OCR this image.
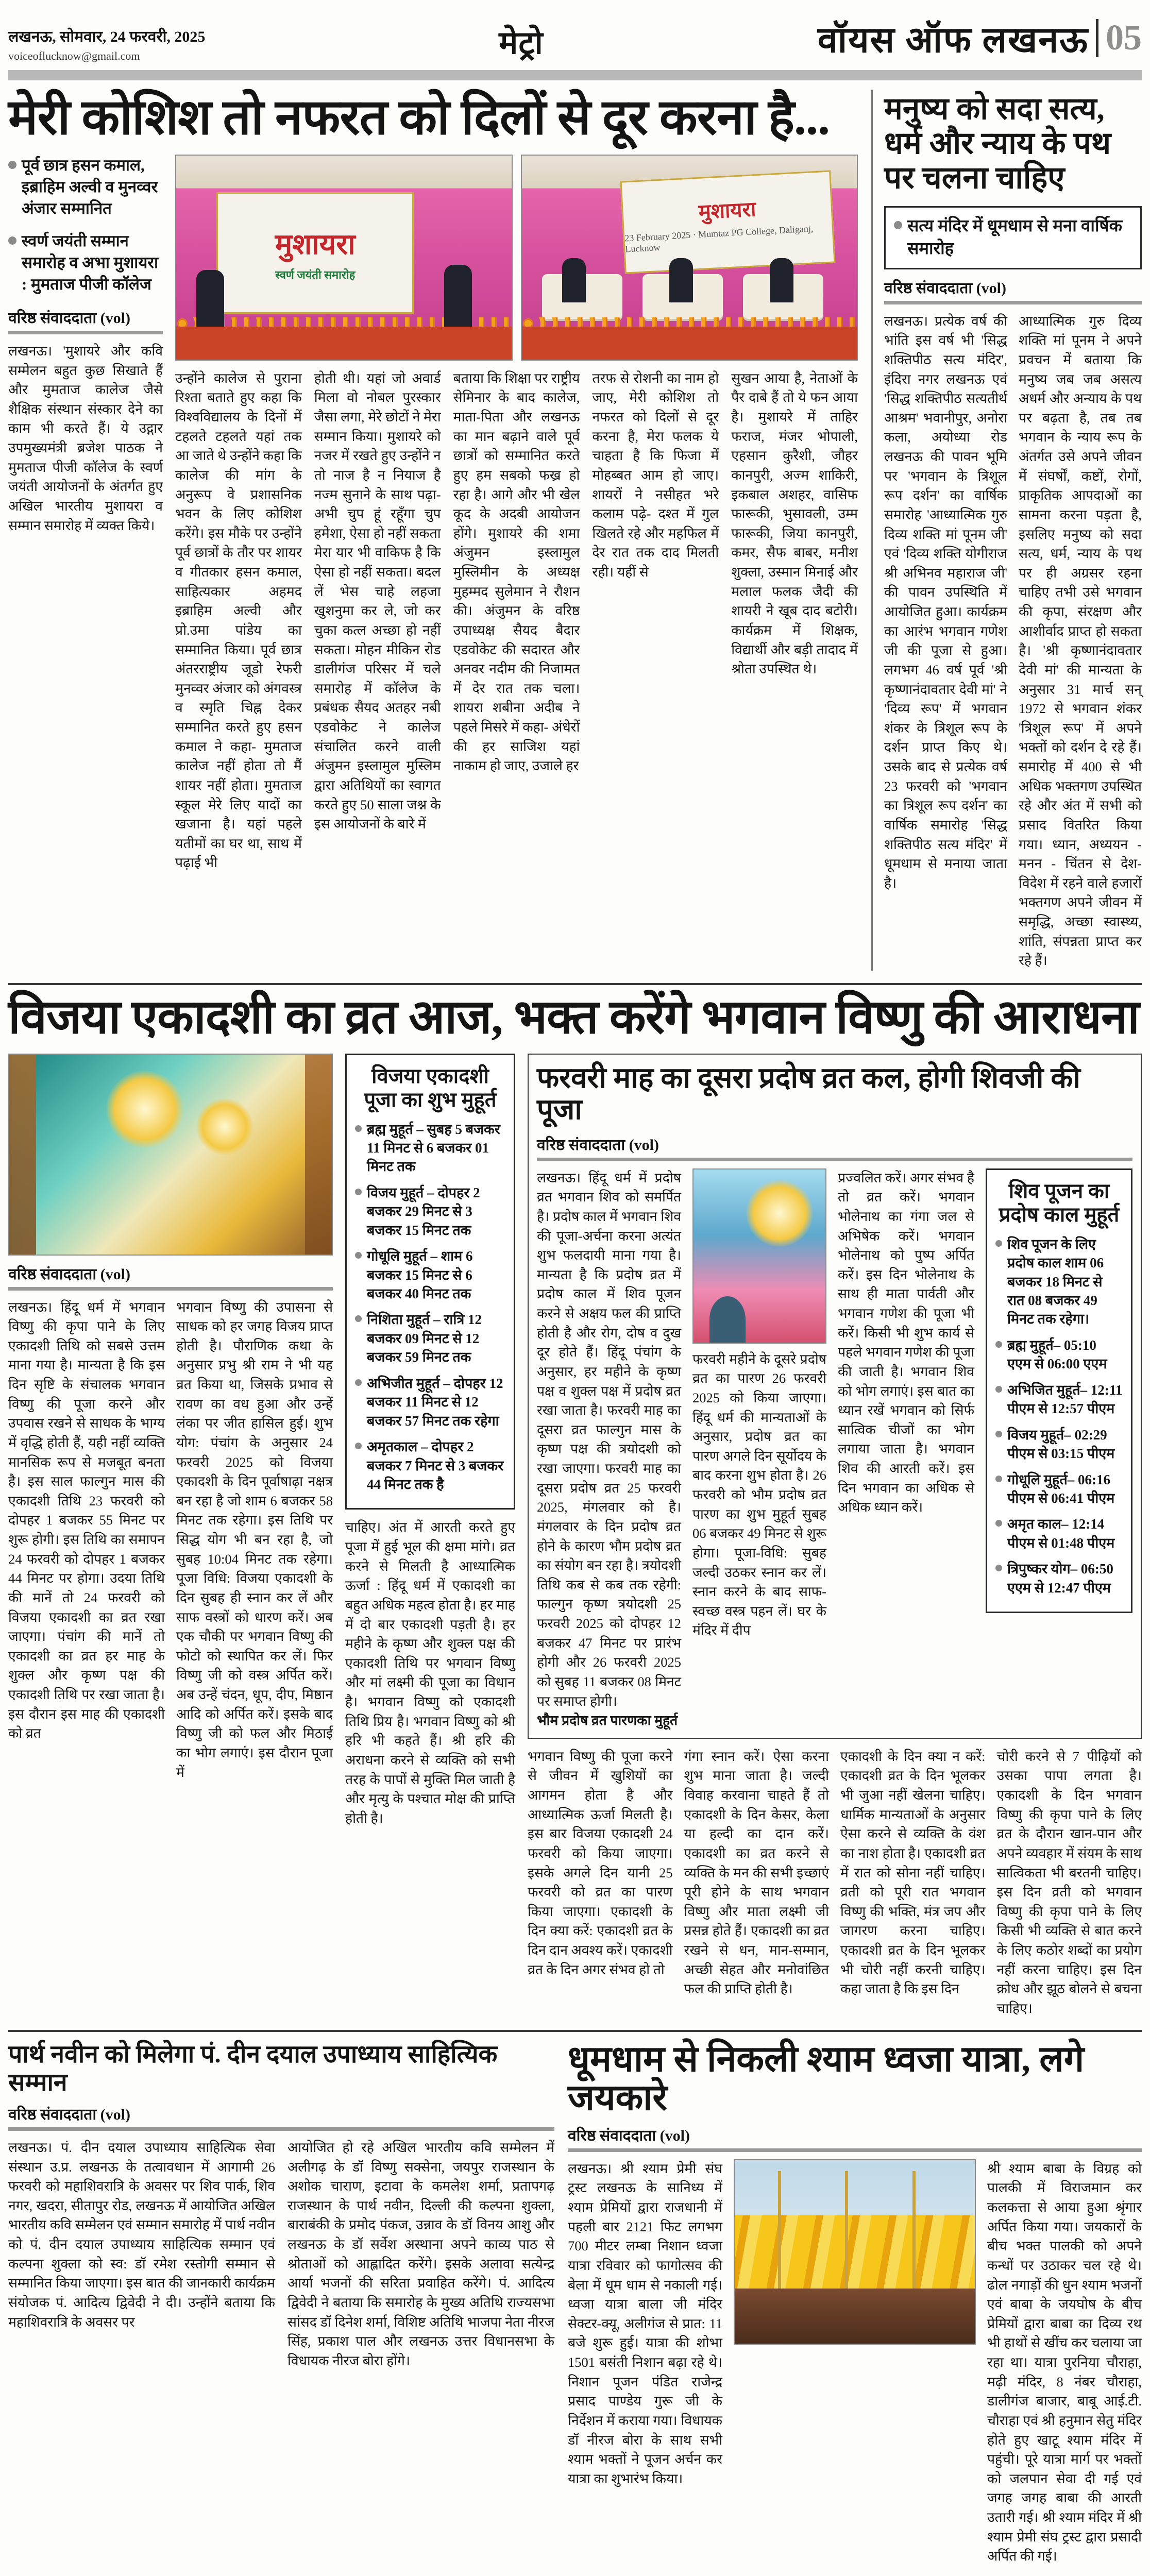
लखनऊ, सोमवार, 24 फरवरी, 2025
voiceoflucknow@gmail.com	मेट्रो	वॉयस ऑफ लखनऊ 05
मेरी कोशिश तो नफरत को दिलों से दूर करना है...
पूर्व छात्र हसन कमाल, इब्राहिम अल्वी व मुनव्वर अंजार सम्मानित
स्वर्ण जयंती सम्मान समारोह व अभा मुशायरा : मुमताज पीजी कॉलेज
वरिष्ठ संवाददाता (vol)
लखनऊ। 'मुशायरे और कवि सम्मेलन बहुत कुछ सिखाते हैं और मुमताज कालेज जैसे शैक्षिक संस्थान संस्कार देने का काम भी करते हैं। ये उद्गार उपमुख्यमंत्री ब्रजेश पाठक ने मुमताज पीजी कॉलेज के स्वर्ण जयंती आयोजनों के अंतर्गत हुए अखिल भारतीय मुशायरा व सम्मान समारोह में व्यक्त किये।
मुशायरा
स्वर्ण जयंती समारोह
मुशायरा
23 February 2025 · Mumtaz PG College, Daliganj, Lucknow
उन्होंने कालेज से पुराना रिश्ता बताते हुए कहा कि विश्वविद्यालय के दिनों में टहलते टहलते यहां तक आ जाते थे उन्होंने कहा कि कालेज की मांग के अनुरूप वे प्रशासनिक भवन के लिए कोशिश करेंगे। इस मौके पर उन्होंने पूर्व छात्रों के तौर पर शायर व गीतकार हसन कमाल, साहित्यकार अहमद इब्राहिम अल्वी और प्रो.उमा पांडेय का सम्मानित किया। पूर्व छात्र अंतरराष्ट्रीय जूडो रेफरी मुनव्वर अंजार को अंगवस्त्र व स्मृति चिह्न देकर सम्मानित करते हुए हसन कमाल ने कहा- मुमताज कालेज नहीं होता तो मैं शायर नहीं होता। मुमताज स्कूल मेरे लिए यादों का खजाना है। यहां पहले यतीमों का घर था, साथ में पढ़ाई भी
होती थी। यहां जो अवार्ड मिला वो नोबल पुरस्कार जैसा लगा, मेरे छोटों ने मेरा सम्मान किया। मुशायरे को नजर में रखते हुए उन्होंने न तो नाज है न नियाज है नज्म सुनाने के साथ पढ़ा- अभी चुप हूं रहूँगा चुप हमेशा, ऐसा हो नहीं सकता मेरा यार भी वाकिफ है कि ऐसा हो नहीं सकता। बदल लें भेस चाहे लहजा खुशनुमा कर ले, जो कर चुका कत्ल अच्छा हो नहीं सकता। मोहन मीकिन रोड डालीगंज परिसर में चले समारोह में कॉलेज के प्रबंधक सैयद अतहर नबी एडवोकेट ने कालेज संचालित करने वाली अंजुमन इस्लामुल मुस्लिम द्वारा अतिथियों का स्वागत करते हुए 50 साला जश्न के इस आयोजनों के बारे में
बताया कि शिक्षा पर राष्ट्रीय सेमिनार के बाद कालेज, माता-पिता और लखनऊ का मान बढ़ाने वाले पूर्व छात्रों को सम्मानित करते हुए हम सबको फख्र हो रहा है। आगे और भी खेल कूद के अदबी आयोजन होंगे। मुशायरे की शमा अंजुमन इस्लामुल मुस्लिमीन के अध्यक्ष मुहम्मद सुलेमान ने रौशन की। अंजुमन के वरिष्ठ उपाध्यक्ष सैयद बैदार एडवोकेट की सदारत और अनवर नदीम की निजामत में देर रात तक चला। शायरा शबीना अदीब ने पहले मिसरे में कहा- अंधेरों की हर साजिश यहां नाकाम हो जाए, उजाले हर
तरफ से रोशनी का नाम हो जाए, मेरी कोशिश तो नफरत को दिलों से दूर करना है, मेरा फलक ये चाहता है कि फिजा में मोहब्बत आम हो जाए। शायरों ने नसीहत भरे कलाम पढ़े- दश्त में गुल खिलते रहे और महफिल में देर रात तक दाद मिलती रही। यहीं से
सुखन आया है, नेताओं के पैर दाबे हैं तो ये फन आया है। मुशायरे में ताहिर फराज, मंजर भोपाली, एहसान कुरैशी, जौहर कानपुरी, अज्म शाकिरी, इकबाल अशहर, वासिफ फारूकी, भुसावली, उम्म फारूकी, जिया कानपुरी, कमर, सैफ बाबर, मनीश शुक्ला, उस्मान मिनाई और मलाल फलक जैदी की शायरी ने खूब दाद बटोरी। कार्यक्रम में शिक्षक, विद्यार्थी और बड़ी तादाद में श्रोता उपस्थित थे।
मनुष्य को सदा सत्य, धर्म और न्याय के पथ पर चलना चाहिए
सत्य मंदिर में धूमधाम से मना वार्षिक समारोह
वरिष्ठ संवाददाता (vol)
लखनऊ। प्रत्येक वर्ष की भांति इस वर्ष भी 'सिद्ध शक्तिपीठ सत्य मंदिर', इंदिरा नगर लखनऊ एवं 'सिद्ध शक्तिपीठ सत्यतीर्थ आश्रम' भवानीपुर, अनोरा कला, अयोध्या रोड लखनऊ की पावन भूमि पर 'भगवान के त्रिशूल रूप दर्शन' का वार्षिक समारोह 'आध्यात्मिक गुरु दिव्य शक्ति मां पूनम जी' एवं 'दिव्य शक्ति योगीराज श्री अभिनव महाराज जी' की पावन उपस्थिति में आयोजित हुआ। कार्यक्रम का आरंभ भगवान गणेश जी की पूजा से हुआ। लगभग 46 वर्ष पूर्व 'श्री कृष्णानंदावतार देवी मां' ने 'दिव्य रूप' में भगवान शंकर के त्रिशूल रूप के दर्शन प्राप्त किए थे। उसके बाद से प्रत्येक वर्ष 23 फरवरी को 'भगवान का त्रिशूल रूप दर्शन' का वार्षिक समारोह 'सिद्ध शक्तिपीठ सत्य मंदिर' में धूमधाम से मनाया जाता है।
आध्यात्मिक गुरु दिव्य शक्ति मां पूनम ने अपने प्रवचन में बताया कि मनुष्य जब जब असत्य अधर्म और अन्याय के पथ पर बढ़ता है, तब तब भगवान के न्याय रूप के अंतर्गत उसे अपने जीवन में संघर्षों, कष्टों, रोगों, प्राकृतिक आपदाओं का सामना करना पड़ता है, इसलिए मनुष्य को सदा सत्य, धर्म, न्याय के पथ पर ही अग्रसर रहना चाहिए तभी उसे भगवान की कृपा, संरक्षण और आशीर्वाद प्राप्त हो सकता है। 'श्री कृष्णानंदावतार देवी मां' की मान्यता के अनुसार 31 मार्च सन् 1972 से भगवान शंकर 'त्रिशूल रूप' में अपने भक्तों को दर्शन दे रहे हैं। समारोह में 400 से भी अधिक भक्तगण उपस्थित रहे और अंत में सभी को प्रसाद वितरित किया गया। ध्यान, अध्ययन - मनन - चिंतन से देश-विदेश में रहने वाले हजारों भक्तगण अपने जीवन में समृद्धि, अच्छा स्वास्थ्य, शांति, संपन्नता प्राप्त कर रहे हैं।
विजया एकादशी का व्रत आज, भक्त करेंगे भगवान विष्णु की आराधना
वरिष्ठ संवाददाता (vol)
लखनऊ। हिंदू धर्म में भगवान विष्णु की कृपा पाने के लिए एकादशी तिथि को सबसे उत्तम माना गया है। मान्यता है कि इस दिन सृष्टि के संचालक भगवान विष्णु की पूजा करने और उपवास रखने से साधक के भाग्य में वृद्धि होती हैं, यही नहीं व्यक्ति मानसिक रूप से मजबूत बनता है। इस साल फाल्गुन मास की एकादशी तिथि 23 फरवरी को दोपहर 1 बजकर 55 मिनट पर शुरू होगी। इस तिथि का समापन 24 फरवरी को दोपहर 1 बजकर 44 मिनट पर होगा। उदया तिथि की मानें तो 24 फरवरी को विजया एकादशी का व्रत रखा जाएगा। पंचांग की मानें तो एकादशी का व्रत हर माह के शुक्ल और कृष्ण पक्ष की एकादशी तिथि पर रखा जाता है। इस दौरान इस माह की एकादशी को व्रत
भगवान विष्णु की उपासना से साधक को हर जगह विजय प्राप्त होती है। पौराणिक कथा के अनुसार प्रभु श्री राम ने भी यह व्रत किया था, जिसके प्रभाव से रावण का वध हुआ और उन्हें लंका पर जीत हासिल हुई। शुभ योग: पंचांग के अनुसार 24 फरवरी 2025 को विजया एकादशी के दिन पूर्वाषाढ़ा नक्षत्र बन रहा है जो शाम 6 बजकर 58 मिनट तक रहेगा। इस तिथि पर सिद्ध योग भी बन रहा है, जो सुबह 10:04 मिनट तक रहेगा। पूजा विधि: विजया एकादशी के दिन सुबह ही स्नान कर लें और साफ वस्त्रों को धारण करें। अब एक चौकी पर भगवान विष्णु की फोटो को स्थापित कर लें। फिर विष्णु जी को वस्त्र अर्पित करें। अब उन्हें चंदन, धूप, दीप, मिष्ठान आदि को अर्पित करें। इसके बाद विष्णु जी को फल और मिठाई का भोग लगाएं। इस दौरान पूजा में
विजया एकादशी पूजा का शुभ मुहूर्त
ब्रह्म मुहूर्त – सुबह 5 बजकर 11 मिनट से 6 बजकर 01 मिनट तक
विजय मुहूर्त – दोपहर 2 बजकर 29 मिनट से 3 बजकर 15 मिनट तक
गोधूलि मुहूर्त – शाम 6 बजकर 15 मिनट से 6 बजकर 40 मिनट तक
निशिता मुहूर्त – रात्रि 12 बजकर 09 मिनट से 12 बजकर 59 मिनट तक
अभिजीत मुहूर्त – दोपहर 12 बजकर 11 मिनट से 12 बजकर 57 मिनट तक रहेगा
अमृतकाल – दोपहर 2 बजकर 7 मिनट से 3 बजकर 44 मिनट तक है
चाहिए। अंत में आरती करते हुए पूजा में हुई भूल की क्षमा मांगे। व्रत करने से मिलती है आध्यात्मिक ऊर्जा : हिंदू धर्म में एकादशी का बहुत अधिक महत्व होता है। हर माह में दो बार एकादशी पड़ती है। हर महीने के कृष्ण और शुक्ल पक्ष की एकादशी तिथि पर भगवान विष्णु और मां लक्ष्मी की पूजा का विधान है। भगवान विष्णु को एकादशी तिथि प्रिय है। भगवान विष्णु को श्री हरि भी कहते हैं। श्री हरि की अराधना करने से व्यक्ति को सभी तरह के पापों से मुक्ति मिल जाती है और मृत्यु के पश्चात मोक्ष की प्राप्ति होती है।
फरवरी माह का दूसरा प्रदोष व्रत कल, होगी शिवजी की पूजा
वरिष्ठ संवाददाता (vol)
लखनऊ। हिंदू धर्म में प्रदोष व्रत भगवान शिव को समर्पित है। प्रदोष काल में भगवान शिव की पूजा-अर्चना करना अत्यंत शुभ फलदायी माना गया है। मान्यता है कि प्रदोष व्रत में प्रदोष काल में शिव पूजन करने से अक्षय फल की प्राप्ति होती है और रोग, दोष व दुख दूर होते हैं। हिंदू पंचांग के अनुसार, हर महीने के कृष्ण पक्ष व शुक्ल पक्ष में प्रदोष व्रत रखा जाता है। फरवरी माह का दूसरा व्रत फाल्गुन मास के कृष्ण पक्ष की त्रयोदशी को रखा जाएगा। फरवरी माह का दूसरा प्रदोष व्रत 25 फरवरी 2025, मंगलवार को है। मंगलवार के दिन प्रदोष व्रत होने के कारण भौम प्रदोष व्रत का संयोग बन रहा है। त्रयोदशी तिथि कब से कब तक रहेगी: फाल्गुन कृष्ण त्रयोदशी 25 फरवरी 2025 को दोपहर 12 बजकर 47 मिनट पर प्रारंभ होगी और 26 फरवरी 2025 को सुबह 11 बजकर 08 मिनट पर समाप्त होगी।
भौम प्रदोष व्रत पारणका मुहूर्त
फरवरी महीने के दूसरे प्रदोष व्रत का पारण 26 फरवरी 2025 को किया जाएगा। हिंदू धर्म की मान्यताओं के अनुसार, प्रदोष व्रत का पारण अगले दिन सूर्योदय के बाद करना शुभ होता है। 26 फरवरी को भौम प्रदोष व्रत पारण का शुभ मुहूर्त सुबह 06 बजकर 49 मिनट से शुरू होगा। पूजा-विधि: सुबह जल्दी उठकर स्नान कर लें। स्नान करने के बाद साफ-स्वच्छ वस्त्र पहन लें। घर के मंदिर में दीप
प्रज्वलित करें। अगर संभव है तो व्रत करें। भगवान भोलेनाथ का गंगा जल से अभिषेक करें। भगवान भोलेनाथ को पुष्प अर्पित करें। इस दिन भोलेनाथ के साथ ही माता पार्वती और भगवान गणेश की पूजा भी करें। किसी भी शुभ कार्य से पहले भगवान गणेश की पूजा की जाती है। भगवान शिव को भोग लगाएं। इस बात का ध्यान रखें भगवान को सिर्फ सात्विक चीजों का भोग लगाया जाता है। भगवान शिव की आरती करें। इस दिन भगवान का अधिक से अधिक ध्यान करें।
शिव पूजन का प्रदोष काल मुहूर्त
शिव पूजन के लिए प्रदोष काल शाम 06 बजकर 18 मिनट से रात 08 बजकर 49 मिनट तक रहेगा।
ब्रह्म मुहूर्त– 05:10 एएम से 06:00 एएम
अभिजित मुहूर्त– 12:11 पीएम से 12:57 पीएम
विजय मुहूर्त– 02:29 पीएम से 03:15 पीएम
गोधूलि मुहूर्त– 06:16 पीएम से 06:41 पीएम
अमृत काल– 12:14 पीएम से 01:48 पीएम
त्रिपुष्कर योग– 06:50 एएम से 12:47 पीएम
भगवान विष्णु की पूजा करने से जीवन में खुशियों का आगमन होता है और आध्यात्मिक ऊर्जा मिलती है। इस बार विजया एकादशी 24 फरवरी को किया जाएगा। इसके अगले दिन यानी 25 फरवरी को व्रत का पारण किया जाएगा। एकादशी के दिन क्या करें: एकादशी व्रत के दिन दान अवश्य करें। एकादशी व्रत के दिन अगर संभव हो तो
गंगा स्नान करें। ऐसा करना शुभ माना जाता है। जल्दी विवाह करवाना चाहते हैं तो एकादशी के दिन केसर, केला या हल्दी का दान करें। एकादशी का व्रत करने से व्यक्ति के मन की सभी इच्छाएं पूरी होने के साथ भगवान विष्णु और माता लक्ष्मी जी प्रसन्न होते हैं। एकादशी का व्रत रखने से धन, मान-सम्मान, अच्छी सेहत और मनोवांछित फल की प्राप्ति होती है।
एकादशी के दिन क्या न करें: एकादशी व्रत के दिन भूलकर भी जुआ नहीं खेलना चाहिए। धार्मिक मान्यताओं के अनुसार ऐसा करने से व्यक्ति के वंश का नाश होता है। एकादशी व्रत में रात को सोना नहीं चाहिए। व्रती को पूरी रात भगवान विष्णु की भक्ति, मंत्र जप और जागरण करना चाहिए। एकादशी व्रत के दिन भूलकर भी चोरी नहीं करनी चाहिए। कहा जाता है कि इस दिन
चोरी करने से 7 पीढ़ियों को उसका पापा लगता है। एकादशी के दिन भगवान विष्णु की कृपा पाने के लिए व्रत के दौरान खान-पान और अपने व्यवहार में संयम के साथ सात्विकता भी बरतनी चाहिए। इस दिन व्रती को भगवान विष्णु की कृपा पाने के लिए किसी भी व्यक्ति से बात करने के लिए कठोर शब्दों का प्रयोग नहीं करना चाहिए। इस दिन क्रोध और झूठ बोलने से बचना चाहिए।
पार्थ नवीन को मिलेगा पं. दीन दयाल उपाध्याय साहित्यिक सम्मान
वरिष्ठ संवाददाता (vol)
लखनऊ। पं. दीन दयाल उपाध्याय साहित्यिक सेवा संस्थान उ.प्र. लखनऊ के तत्वावधान में आगामी 26 फरवरी को महाशिवरात्रि के अवसर पर शिव पार्क, शिव नगर, खदरा, सीतापुर रोड, लखनऊ में आयोजित अखिल भारतीय कवि सम्मेलन एवं सम्मान समारोह में पार्थ नवीन को पं. दीन दयाल उपाध्याय साहित्यिक सम्मान एवं कल्पना शुक्ला को स्व: डॉ रमेश रस्तोगी सम्मान से सम्मानित किया जाएगा। इस बात की जानकारी कार्यक्रम संयोजक पं. आदित्य द्विवेदी ने दी। उन्होंने बताया कि महाशिवरात्रि के अवसर पर
आयोजित हो रहे अखिल भारतीय कवि सम्मेलन में अलीगढ़ के डॉ विष्णु सक्सेना, जयपुर राजस्थान के अशोक चाराण, इटावा के कमलेश शर्मा, प्रतापगढ़ राजस्थान के पार्थ नवीन, दिल्ली की कल्पना शुक्ला, बाराबंकी के प्रमोद पंकज, उन्नाव के डॉ विनय आशु और लखनऊ के डॉ सर्वेश अस्थाना अपने काव्य पाठ से श्रोताओं को आह्लादित करेंगे। इसके अलावा सत्येन्द्र आर्या भजनों की सरिता प्रवाहित करेंगे। पं. आदित्य द्विवेदी ने बताया कि समारोह के मुख्य अतिथि राज्यसभा सांसद डॉ दिनेश शर्मा, विशिष्ट अतिथि भाजपा नेता नीरज सिंह, प्रकाश पाल और लखनऊ उत्तर विधानसभा के विधायक नीरज बोरा होंगे।
धूमधाम से निकली श्याम ध्वजा यात्रा, लगे जयकारे
वरिष्ठ संवाददाता (vol)
लखनऊ। श्री श्याम प्रेमी संघ ट्रस्ट लखनऊ के सानिध्य में श्याम प्रेमियों द्वारा राजधानी में पहली बार 2121 फिट लगभग 700 मीटर लम्बा निशान ध्वजा यात्रा रविवार को फागोत्सव की बेला में धूम धाम से नकाली गई। ध्वजा यात्रा बाला जी मंदिर सेक्टर-क्यू, अलीगंज से प्रात: 11 बजे शुरू हुई। यात्रा की शोभा 1501 बसंती निशान बढ़ा रहे थे। निशान पूजन पंडित राजेन्द्र प्रसाद पाण्डेय गुरू जी के निर्देशन में कराया गया। विधायक डॉ नीरज बोरा के साथ सभी श्याम भक्तों ने पूजन अर्चन कर यात्रा का शुभारंभ किया।
श्री श्याम बाबा के विग्रह को पालकी में विराजमान कर कलकत्ता से आया हुआ श्रृंगार अर्पित किया गया। जयकारों के बीच भक्त पालकी को अपने कन्धों पर उठाकर चल रहे थे। ढोल नगाड़ों की धुन श्याम भजनों एवं बाबा के जयघोष के बीच प्रेमियों द्वारा बाबा का दिव्य रथ भी हाथों से खींच कर चलाया जा रहा था। यात्रा पुरनिया चौराहा, मढ़ी मंदिर, 8 नंबर चौराहा, डालीगंज बाजार, बाबू आई.टी. चौराहा एवं श्री हनुमान सेतु मंदिर होते हुए खाटू श्याम मंदिर में पहुंची। पूरे यात्रा मार्ग पर भक्तों को जलपान सेवा दी गई एवं जगह जगह बाबा की आरती उतारी गई। श्री श्याम मंदिर में श्री श्याम प्रेमी संघ ट्रस्ट द्वारा प्रसादी अर्पित की गई।
